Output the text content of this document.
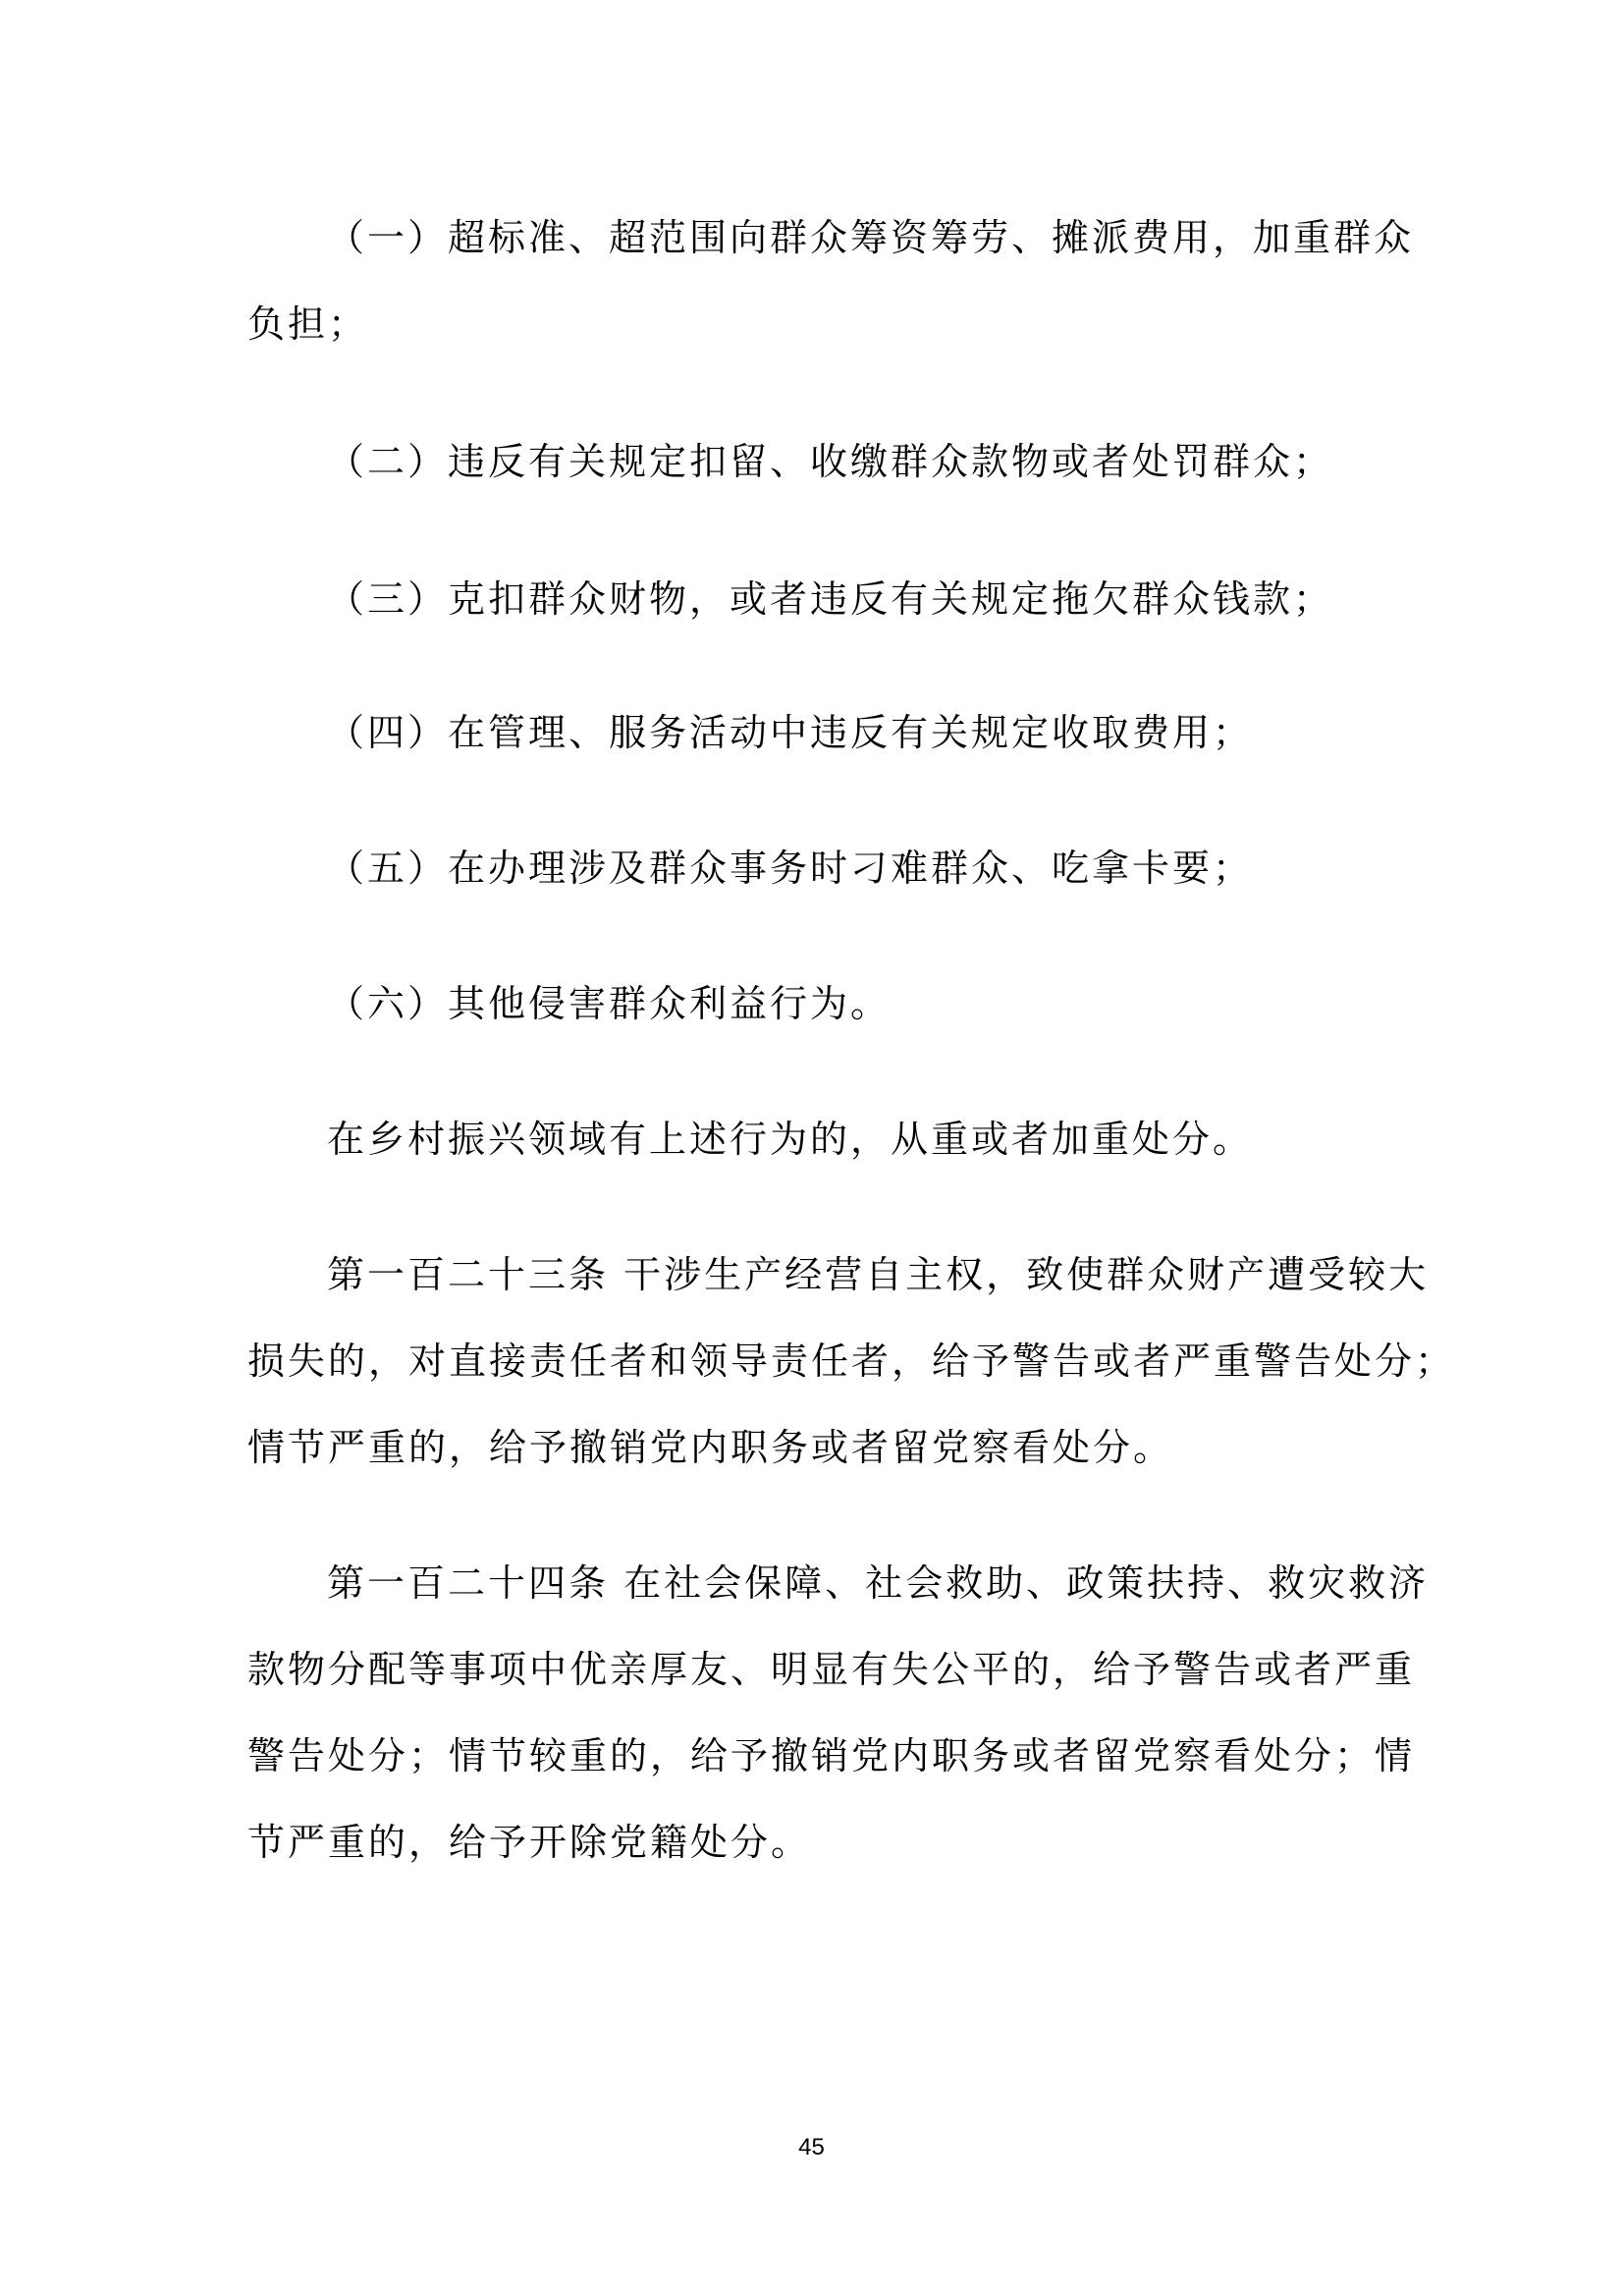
（一）超标准、超范围向群众筹资筹劳、摊派费用，加重群众

负担；

（二）违反有关规定扣留、收缴群众款物或者处罚群众；

（三）克扣群众财物，或者违反有关规定拖欠群众钱款；

（四）在管理、服务活动中违反有关规定收取费用；

（五）在办理涉及群众事务时刁难群众、吃拿卡要；

（六）其他侵害群众利益行为。

在乡村振兴领域有上述行为的，从重或者加重处分。

第一百二十三条 干涉生产经营自主权，致使群众财产遭受较大

损失的，对直接责任者和领导责任者，给予警告或者严重警告处分；

情节严重的，给予撤销党内职务或者留党察看处分。

第一百二十四条 在社会保障、社会救助、政策扶持、救灾救济

款物分配等事项中优亲厚友、明显有失公平的，给予警告或者严重

警告处分；情节较重的，给予撤销党内职务或者留党察看处分；情

节严重的，给予开除党籍处分。

45
